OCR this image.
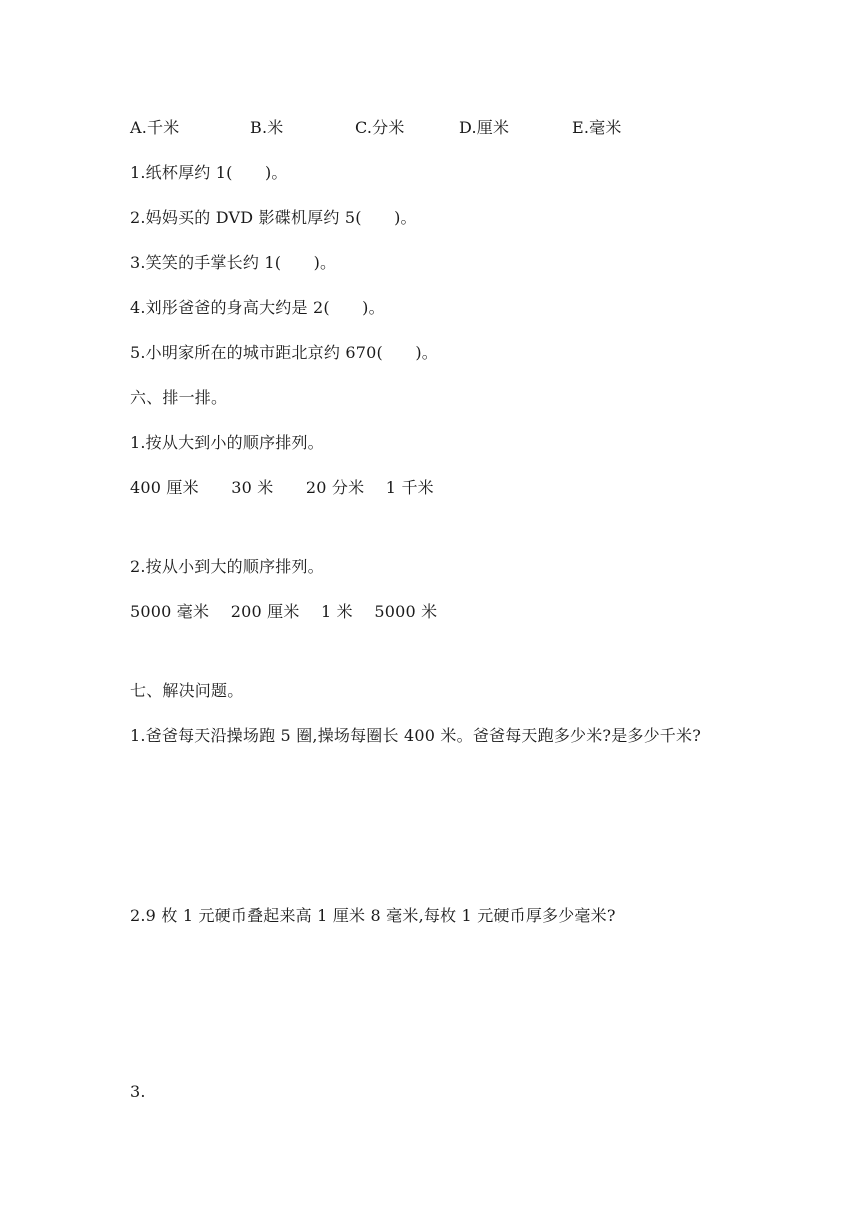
A.千米

	B.米

	C.分米

	D.厘米

	E.毫米

1.纸杯厚约 1(　　)。
2.妈妈买的 DVD 影碟机厚约 5(　　)。
3.笑笑的手掌长约 1(　　)。
4.刘彤爸爸的身高大约是 2(　　)。
5.小明家所在的城市距北京约 670(　　)。
六、排一排。
1.按从大到小的顺序排列。
400 厘米　　30 米　　20 分米　 1 千米
2.按从小到大的顺序排列。
5000 毫米　 200 厘米　 1 米　 5000 米
七、解决问题。
1.爸爸每天沿操场跑 5 圈,操场每圈长 400 米。爸爸每天跑多少米?是多少千米?
2.9 枚 1 元硬币叠起来高 1 厘米 8 毫米,每枚 1 元硬币厚多少毫米?
3.
